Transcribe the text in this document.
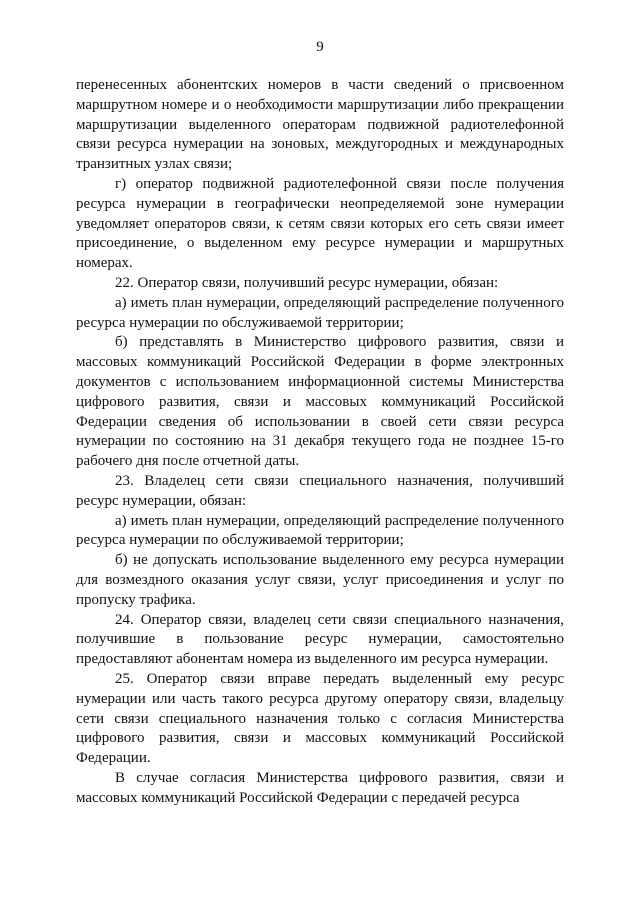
9

перенесенных абонентских номеров в части сведений о присвоенном маршрутном номере и о необходимости маршрутизации либо прекращении маршрутизации выделенного операторам подвижной радиотелефонной связи ресурса нумерации на зоновых, междугородных и международных транзитных узлах связи;

г) оператор подвижной радиотелефонной связи после получения ресурса нумерации в географически неопределяемой зоне нумерации уведомляет операторов связи, к сетям связи которых его сеть связи имеет присоединение, о выделенном ему ресурсе нумерации и маршрутных номерах.

22. Оператор связи, получивший ресурс нумерации, обязан:

а) иметь план нумерации, определяющий распределение полученного ресурса нумерации по обслуживаемой территории;

б) представлять в Министерство цифрового развития, связи и массовых коммуникаций Российской Федерации в форме электронных документов с использованием информационной системы Министерства цифрового развития, связи и массовых коммуникаций Российской Федерации сведения об использовании в своей сети связи ресурса нумерации по состоянию на 31 декабря текущего года не позднее 15-го рабочего дня после отчетной даты.

23. Владелец сети связи специального назначения, получивший ресурс нумерации, обязан:

а) иметь план нумерации, определяющий распределение полученного ресурса нумерации по обслуживаемой территории;

б) не допускать использование выделенного ему ресурса нумерации для возмездного оказания услуг связи, услуг присоединения и услуг по пропуску трафика.

24. Оператор связи, владелец сети связи специального назначения, получившие в пользование ресурс нумерации, самостоятельно предоставляют абонентам номера из выделенного им ресурса нумерации.

25. Оператор связи вправе передать выделенный ему ресурс нумерации или часть такого ресурса другому оператору связи, владельцу сети связи специального назначения только с согласия Министерства цифрового развития, связи и массовых коммуникаций Российской Федерации.

В случае согласия Министерства цифрового развития, связи и массовых коммуникаций Российской Федерации с передачей ресурса
